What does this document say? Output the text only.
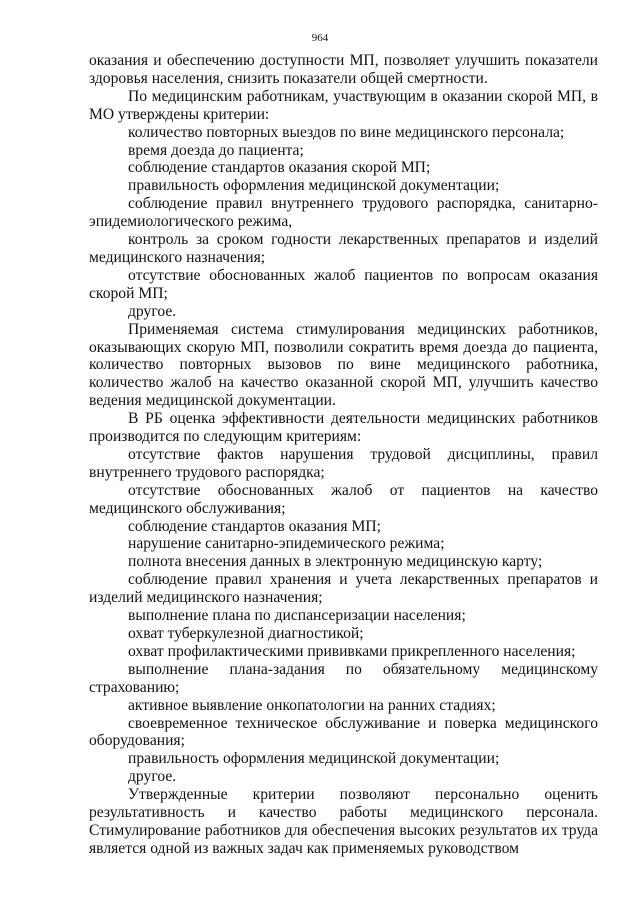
964

оказания и обеспечению доступности МП, позволяет улучшить показатели здоровья населения, снизить показатели общей смертности.

По медицинским работникам, участвующим в оказании скорой МП, в МО утверждены критерии:

количество повторных выездов по вине медицинского персонала;

время доезда до пациента;

соблюдение стандартов оказания скорой МП;

правильность оформления медицинской документации;

соблюдение правил внутреннего трудового распорядка, санитарно-эпидемиологического режима,

контроль за сроком годности лекарственных препаратов и изделий медицинского назначения;

отсутствие обоснованных жалоб пациентов по вопросам оказания скорой МП;

другое.

Применяемая система стимулирования медицинских работников, оказывающих скорую МП, позволили сократить время доезда до пациента, количество повторных вызовов по вине медицинского работника, количество жалоб на качество оказанной скорой МП, улучшить качество ведения медицинской документации.

В РБ оценка эффективности деятельности медицинских работников производится по следующим критериям:

отсутствие фактов нарушения трудовой дисциплины, правил внутреннего трудового распорядка;

отсутствие обоснованных жалоб от пациентов на качество медицинского обслуживания;

соблюдение стандартов оказания МП;

нарушение санитарно-эпидемического режима;

полнота внесения данных в электронную медицинскую карту;

соблюдение правил хранения и учета лекарственных препаратов и изделий медицинского назначения;

выполнение плана по диспансеризации населения;

охват туберкулезной диагностикой;

охват профилактическими прививками прикрепленного населения;

выполнение плана-задания по обязательному медицинскому страхованию;

активное выявление онкопатологии на ранних стадиях;

своевременное техническое обслуживание и поверка медицинского оборудования;

правильность оформления медицинской документации;

другое.

Утвержденные критерии позволяют персонально оценить результативность и качество работы медицинского персонала. Стимулирование работников для обеспечения высоких результатов их труда является одной из важных задач как применяемых руководством
